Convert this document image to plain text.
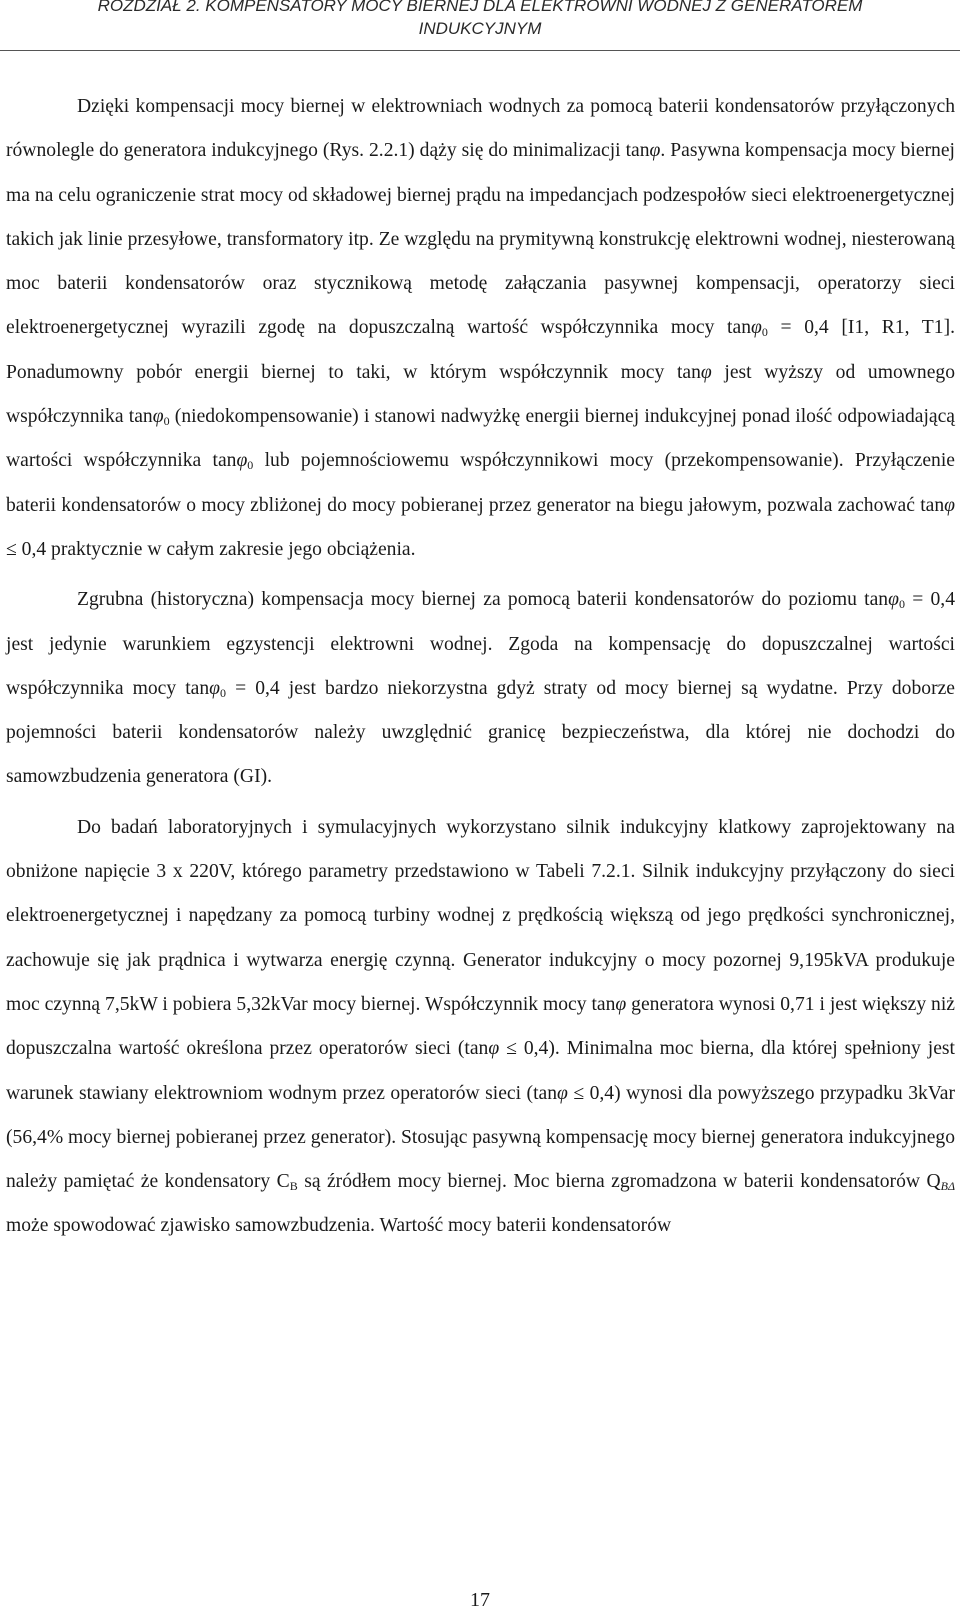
ROZDZIAŁ 2. KOMPENSATORY MOCY BIERNEJ DLA ELEKTROWNI WODNEJ Z GENERATOREM
INDUKCYJNYM

Dzięki kompensacji mocy biernej w elektrowniach wodnych za pomocą baterii kondensatorów przyłączonych równolegle do generatora indukcyjnego (Rys. 2.2.1) dąży się do minimalizacji tanφ. Pasywna kompensacja mocy biernej ma na celu ograniczenie strat mocy od składowej biernej prądu na impedancjach podzespołów sieci elektroenergetycznej takich jak linie przesyłowe, transformatory itp. Ze względu na prymitywną konstrukcję elektrowni wodnej, niesterowaną moc baterii kondensatorów oraz stycznikową metodę załączania pasywnej kompensacji, operatorzy sieci elektroenergetycznej wyrazili zgodę na dopuszczalną wartość współczynnika mocy tanφ$_0$ = 0,4 [I1, R1, T1]. Ponadumowny pobór energii biernej to taki, w którym współczynnik mocy tanφ jest wyższy od umownego współczynnika tanφ$_0$ (niedokompensowanie) i stanowi nadwyżkę energii biernej indukcyjnej ponad ilość odpowiadającą wartości współczynnika tanφ$_0$ lub pojemnościowemu współczynnikowi mocy (przekompensowanie). Przyłączenie baterii kondensatorów o mocy zbliżonej do mocy pobieranej przez generator na biegu jałowym, pozwala zachować tanφ ≤ 0,4 praktycznie w całym zakresie jego obciążenia.

Zgrubna (historyczna) kompensacja mocy biernej za pomocą baterii kondensatorów do poziomu tanφ$_0$ = 0,4 jest jedynie warunkiem egzystencji elektrowni wodnej. Zgoda na kompensację do dopuszczalnej wartości współczynnika mocy tanφ$_0$ = 0,4 jest bardzo niekorzystna gdyż straty od mocy biernej są wydatne. Przy doborze pojemności baterii kondensatorów należy uwzględnić granicę bezpieczeństwa, dla której nie dochodzi do samowzbudzenia generatora (GI).

Do badań laboratoryjnych i symulacyjnych wykorzystano silnik indukcyjny klatkowy zaprojektowany na obniżone napięcie 3 x 220V, którego parametry przedstawiono w Tabeli 7.2.1. Silnik indukcyjny przyłączony do sieci elektroenergetycznej i napędzany za pomocą turbiny wodnej z prędkością większą od jego prędkości synchronicznej, zachowuje się jak prądnica i wytwarza energię czynną. Generator indukcyjny o mocy pozornej 9,195kVA produkuje moc czynną 7,5kW i pobiera 5,32kVar mocy biernej. Współczynnik mocy tanφ generatora wynosi 0,71 i jest większy niż dopuszczalna wartość określona przez operatorów sieci (tanφ ≤ 0,4). Minimalna moc bierna, dla której spełniony jest warunek stawiany elektrowniom wodnym przez operatorów sieci (tanφ ≤ 0,4) wynosi dla powyższego przypadku 3kVar (56,4% mocy biernej pobieranej przez generator). Stosując pasywną kompensację mocy biernej generatora indukcyjnego należy pamiętać że kondensatory $C_B$ są źródłem mocy biernej. Moc bierna zgromadzona w baterii kondensatorów $Q_{B\Delta}$ może spowodować zjawisko samowzbudzenia. Wartość mocy baterii kondensatorów

17
